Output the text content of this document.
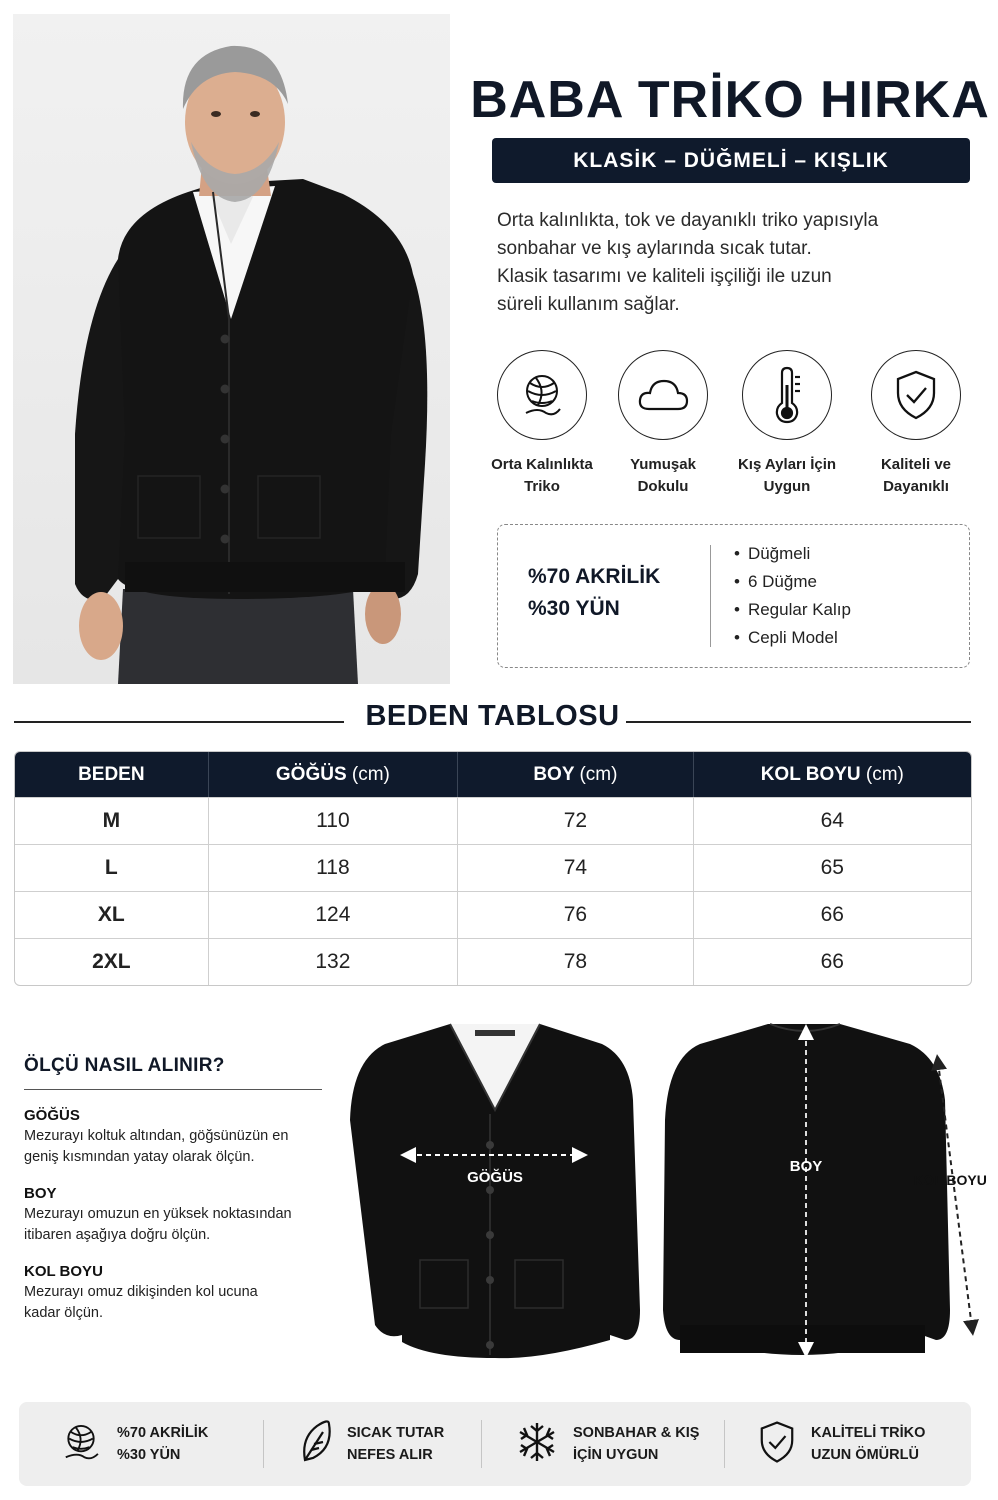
BABA TRİKO HIRKA
KLASİK – DÜĞMELİ – KIŞLIK

Orta kalınlıkta, tok ve dayanıklı triko yapısıyla

sonbahar ve kış aylarında sıcak tutar.

Klasik tasarımı ve kaliteli işçiliği ile uzun

süreli kullanım sağlar.

Orta Kalınlıkta
Triko
Yumuşak
Dokulu
Kış Ayları İçin
Uygun
Kaliteli ve
Dayanıklı
%70 AKRİLİK
%30 YÜN
• Düğmeli
• 6 Düğme
• Regular Kalıp
• Cepli Model
BEDEN TABLOSU
BEDEN	GÖĞÜS (cm)	BOY (cm)	KOL BOYU (cm)
M	110	72	64
L	118	74	65
XL	124	76	66
2XL	132	78	66
ÖLÇÜ NASIL ALINIR?
GÖĞÜS

Mezurayı koltuk altından, göğsünüzün en
geniş kısmından yatay olarak ölçün.

BOY

Mezurayı omuzun en yüksek noktasından
itibaren aşağıya doğru ölçün.

KOL BOYU

Mezurayı omuz dikişinden kol ucuna
kadar ölçün.

GÖĞÜS
BOY
KOL BOYU
%70 AKRİLİK
%30 YÜN
SICAK TUTAR
NEFES ALIR
SONBAHAR & KIŞ
İÇİN UYGUN
KALİTELİ TRİKO
UZUN ÖMÜRLÜ
